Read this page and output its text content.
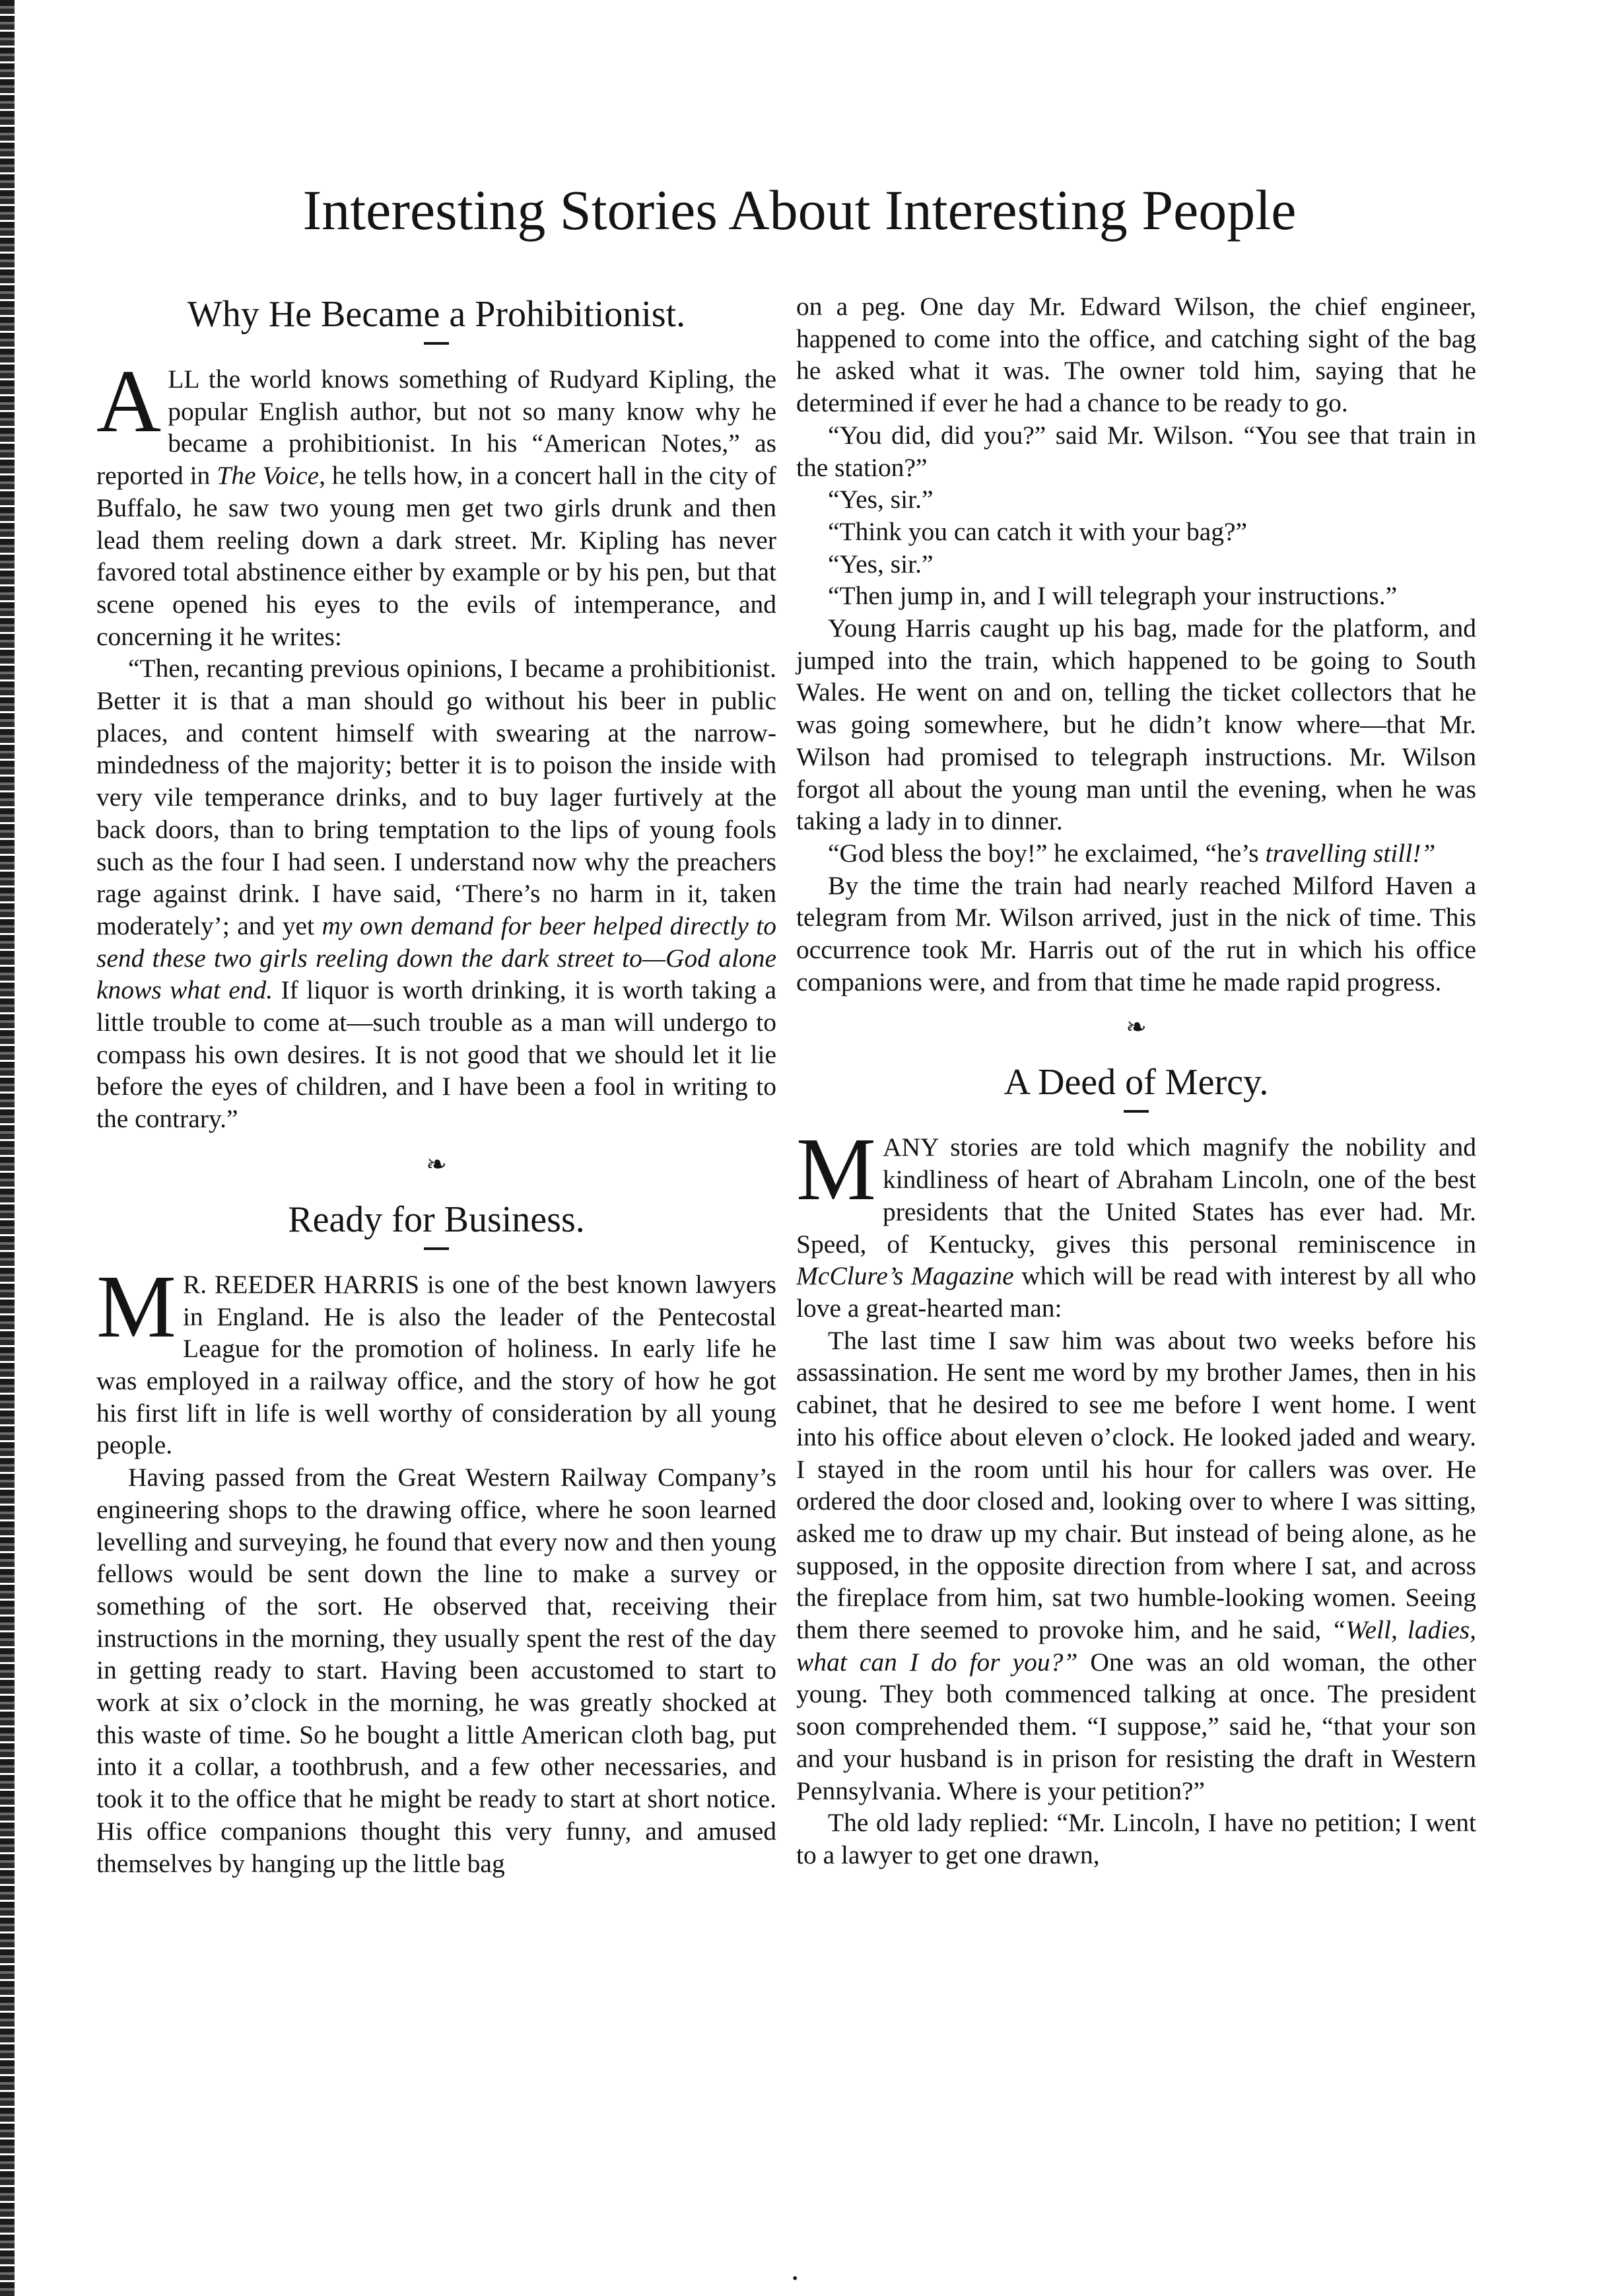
Interesting Stories About Interesting People
Why He Became a Prohibitionist.

ALL the world knows something of Rudyard Kipling, the popular English author, but not so many know why he became a prohibitionist. In his “American Notes,” as reported in The Voice, he tells how, in a concert hall in the city of Buffalo, he saw two young men get two girls drunk and then lead them reeling down a dark street. Mr. Kipling has never favored total abstinence either by example or by his pen, but that scene opened his eyes to the evils of intemperance, and concerning it he writes:

“Then, recanting previous opinions, I became a prohibitionist. Better it is that a man should go without his beer in public places, and content himself with swearing at the narrow-mindedness of the majority; better it is to poison the inside with very vile temperance drinks, and to buy lager furtively at the back doors, than to bring temptation to the lips of young fools such as the four I had seen. I understand now why the preachers rage against drink. I have said, ‘There’s no harm in it, taken moderately’; and yet my own demand for beer helped directly to send these two girls reeling down the dark street to—God alone knows what end. If liquor is worth drinking, it is worth taking a little trouble to come at—such trouble as a man will undergo to compass his own desires. It is not good that we should let it lie before the eyes of children, and I have been a fool in writing to the contrary.”

❧
Ready for Business.

M R. REEDER HARRIS is one of the best known lawyers in England. He is also the leader of the Pentecostal League for the promotion of holiness. In early life he was employed in a railway office, and the story of how he got his first lift in life is well worthy of consideration by all young people.

Having passed from the Great Western Railway Company’s engineering shops to the drawing office, where he soon learned levelling and surveying, he found that every now and then young fellows would be sent down the line to make a survey or something of the sort. He observed that, receiving their instructions in the morning, they usually spent the rest of the day in getting ready to start. Having been accustomed to start to work at six o’clock in the morning, he was greatly shocked at this waste of time. So he bought a little American cloth bag, put into it a collar, a toothbrush, and a few other necessaries, and took it to the office that he might be ready to start at short notice. His office companions thought this very funny, and amused themselves by hanging up the little bag

on a peg. One day Mr. Edward Wilson, the chief engineer, happened to come into the office, and catching sight of the bag he asked what it was. The owner told him, saying that he determined if ever he had a chance to be ready to go.

“You did, did you?” said Mr. Wilson. “You see that train in the station?”

“Yes, sir.”

“Think you can catch it with your bag?”

“Yes, sir.”

“Then jump in, and I will telegraph your instructions.”

Young Harris caught up his bag, made for the platform, and jumped into the train, which happened to be going to South Wales. He went on and on, telling the ticket collectors that he was going somewhere, but he didn’t know where—that Mr. Wilson had promised to telegraph instructions. Mr. Wilson forgot all about the young man until the evening, when he was taking a lady in to dinner.

“God bless the boy!” he exclaimed, “he’s travelling still!”

By the time the train had nearly reached Milford Haven a telegram from Mr. Wilson arrived, just in the nick of time. This occurrence took Mr. Harris out of the rut in which his office companions were, and from that time he made rapid progress.

❧
A Deed of Mercy.

MANY stories are told which magnify the nobility and kindliness of heart of Abraham Lincoln, one of the best presidents that the United States has ever had. Mr. Speed, of Kentucky, gives this personal reminiscence in McClure’s Magazine which will be read with interest by all who love a great-hearted man:

The last time I saw him was about two weeks before his assassination. He sent me word by my brother James, then in his cabinet, that he desired to see me before I went home. I went into his office about eleven o’clock. He looked jaded and weary. I stayed in the room until his hour for callers was over. He ordered the door closed and, looking over to where I was sitting, asked me to draw up my chair. But instead of being alone, as he supposed, in the opposite direction from where I sat, and across the fireplace from him, sat two humble-looking women. Seeing them there seemed to provoke him, and he said, “Well, ladies, what can I do for you?” One was an old woman, the other young. They both commenced talking at once. The president soon comprehended them. “I suppose,” said he, “that your son and your husband is in prison for resisting the draft in Western Pennsylvania. Where is your petition?”

The old lady replied: “Mr. Lincoln, I have no petition; I went to a lawyer to get one drawn,

•
